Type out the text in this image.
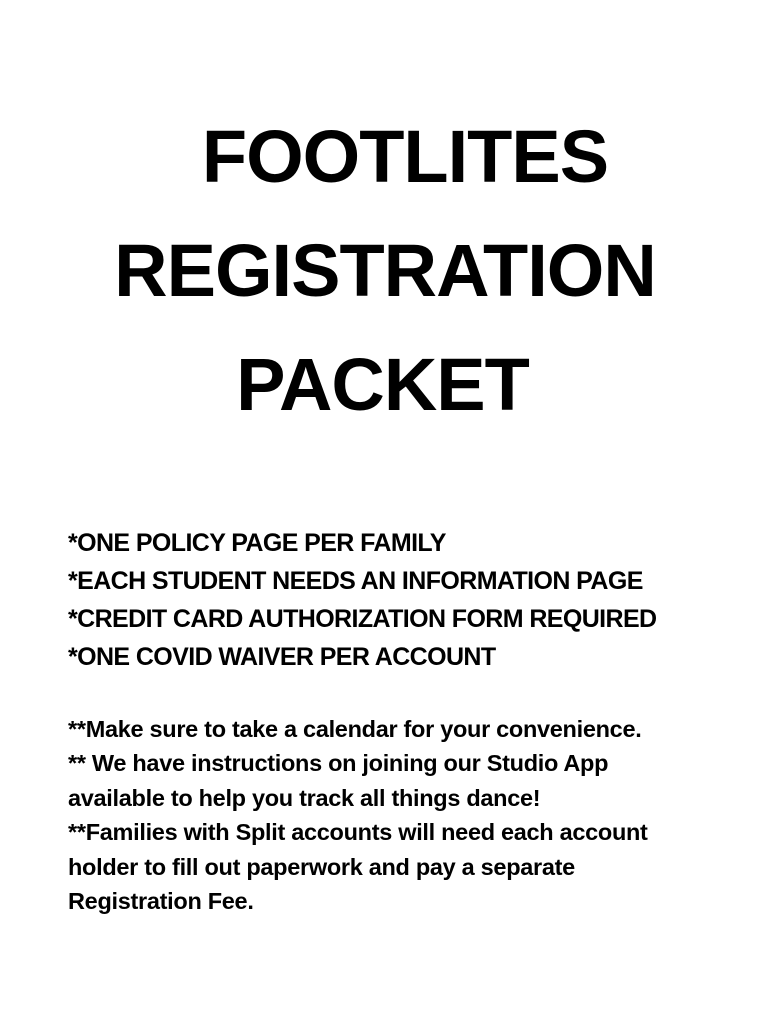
FOOTLITES
REGISTRATION
PACKET
*ONE POLICY PAGE PER FAMILY
*EACH STUDENT NEEDS AN INFORMATION PAGE
*CREDIT CARD AUTHORIZATION FORM REQUIRED
*ONE COVID WAIVER PER ACCOUNT
**Make sure to take a calendar for your convenience.
** We have instructions on joining our Studio App
available to help you track all things dance!
**Families with Split accounts will need each account
holder to fill out paperwork and pay a separate
Registration Fee.
